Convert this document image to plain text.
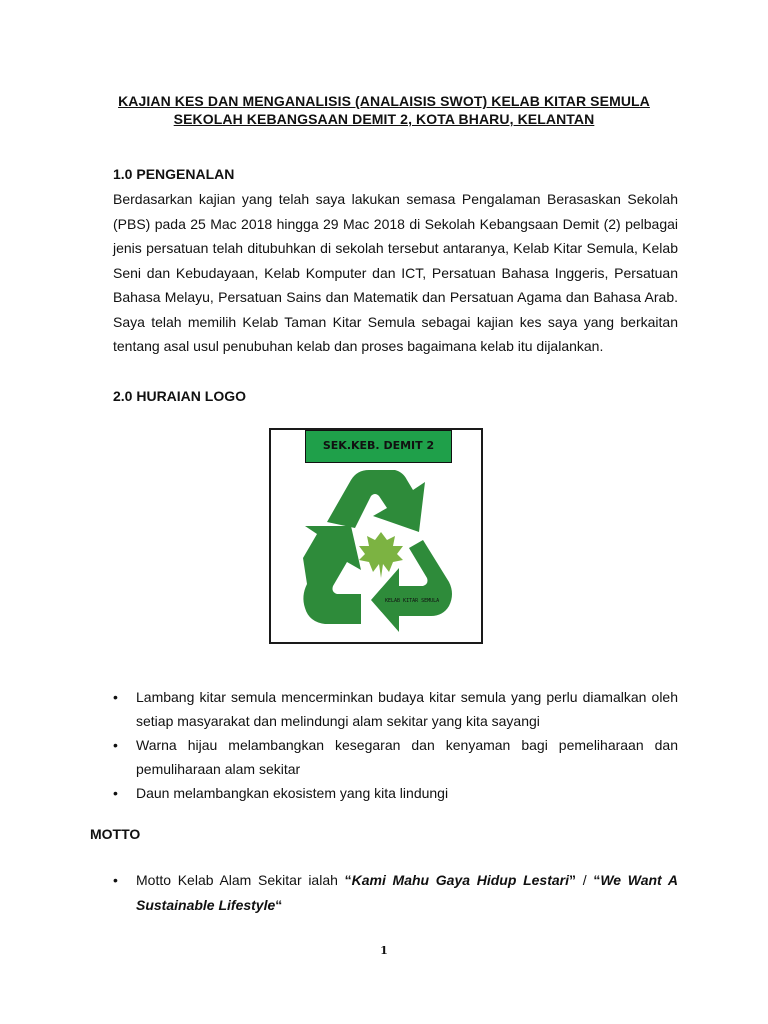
KAJIAN KES DAN MENGANALISIS (ANALAISIS SWOT) KELAB KITAR SEMULA
SEKOLAH KEBANGSAAN DEMIT 2, KOTA BHARU, KELANTAN
1.0 PENGENALAN

Berdasarkan kajian yang telah saya lakukan semasa Pengalaman Berasaskan Sekolah (PBS) pada 25 Mac 2018 hingga 29 Mac 2018 di Sekolah Kebangsaan Demit (2) pelbagai jenis persatuan telah ditubuhkan di sekolah tersebut antaranya, Kelab Kitar Semula, Kelab Seni dan Kebudayaan, Kelab Komputer dan ICT, Persatuan Bahasa Inggeris, Persatuan Bahasa Melayu, Persatuan Sains dan Matematik dan Persatuan Agama dan Bahasa Arab. Saya telah memilih Kelab Taman Kitar Semula sebagai kajian kes saya yang berkaitan tentang asal usul penubuhan kelab dan proses bagaimana kelab itu dijalankan.

2.0 HURAIAN LOGO
SEK.KEB. DEMIT 2
KELAB KITAR SEMULA
• Lambang kitar semula mencerminkan budaya kitar semula yang perlu diamalkan oleh setiap masyarakat dan melindungi alam sekitar yang kita sayangi
• Warna hijau melambangkan kesegaran dan kenyaman bagi pemeliharaan dan pemuliharaan alam sekitar
• Daun melambangkan ekosistem yang kita lindungi
MOTTO
• Motto Kelab Alam Sekitar ialah “Kami Mahu Gaya Hidup Lestari” / “We Want A Sustainable Lifestyle“
1
